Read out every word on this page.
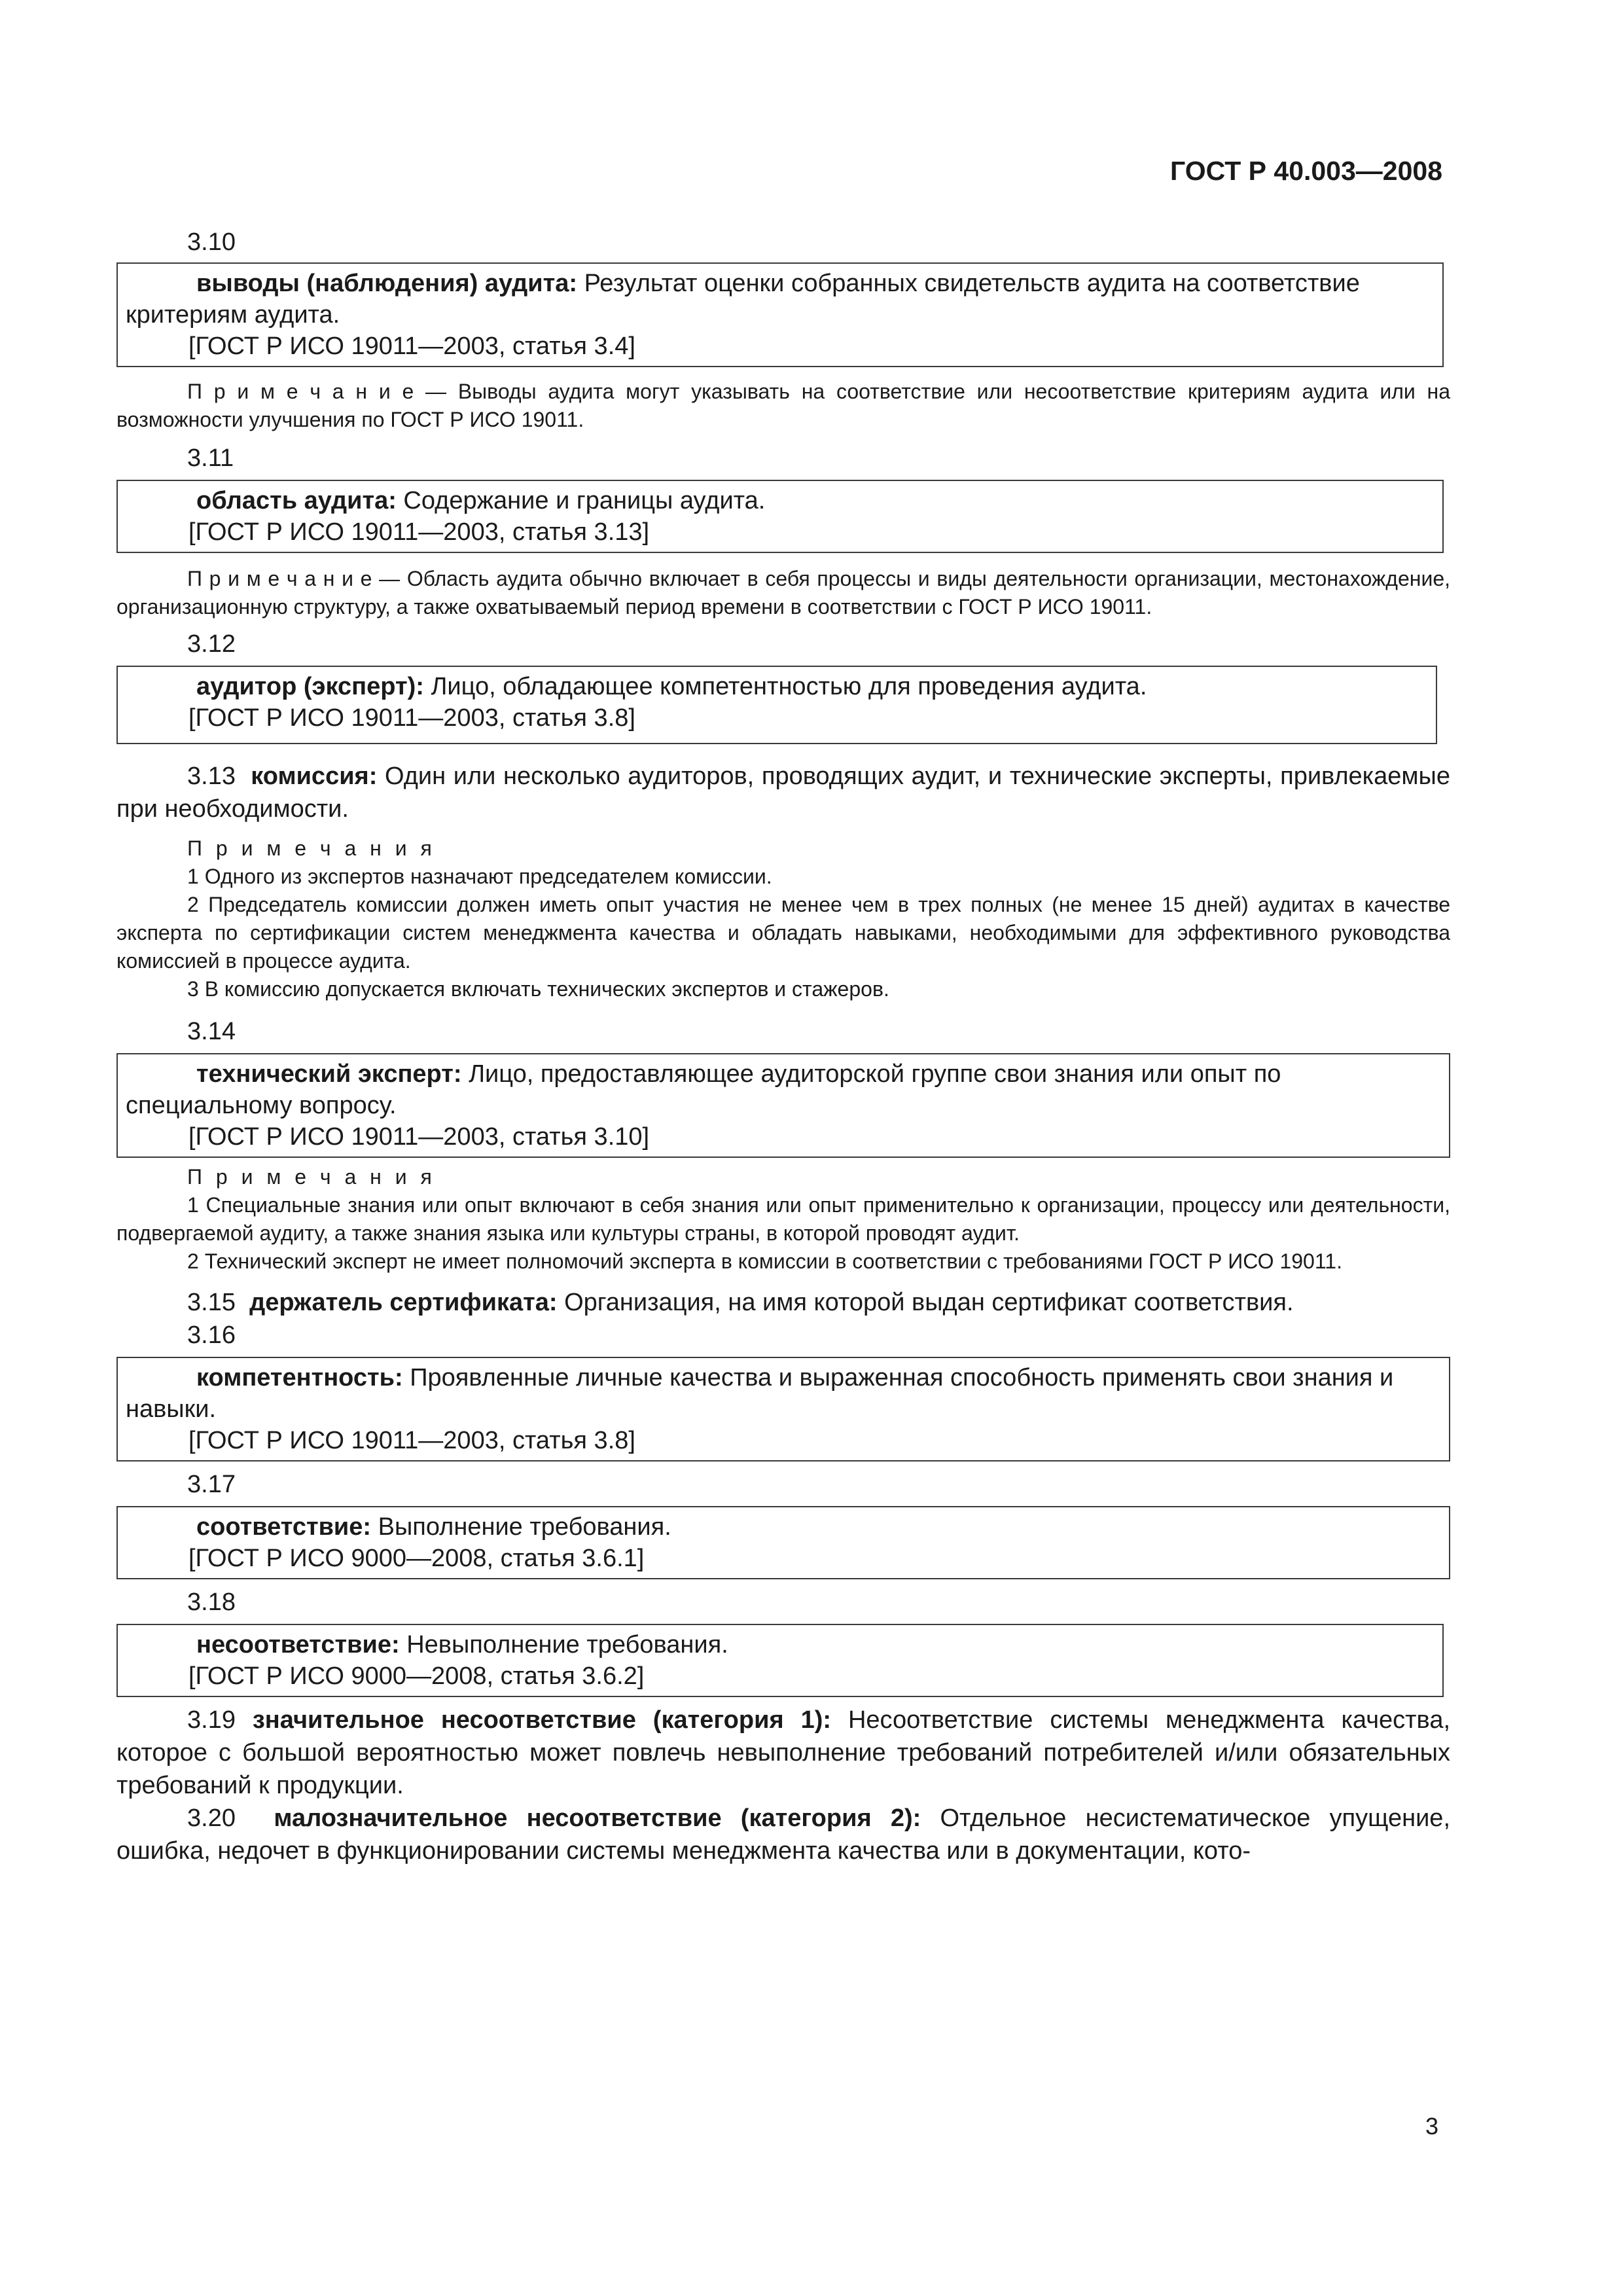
ГОСТ Р 40.003—2008
3.10
выводы (наблюдения) аудита: Результат оценки собранных свидетельств аудита на соответствие критериям аудита.
[ГОСТ Р ИСО 19011—2003, статья 3.4]
П р и м е ч а н и е — Выводы аудита могут указывать на соответствие или несоответствие критериям аудита или на возможности улучшения по ГОСТ Р ИСО 19011.
3.11
область аудита: Содержание и границы аудита.
[ГОСТ Р ИСО 19011—2003, статья 3.13]
П р и м е ч а н и е — Область аудита обычно включает в себя процессы и виды деятельности организации, местонахождение, организационную структуру, а также охватываемый период времени в соответствии с ГОСТ Р ИСО 19011.
3.12
аудитор (эксперт): Лицо, обладающее компетентностью для проведения аудита.
[ГОСТ Р ИСО 19011—2003, статья 3.8]
3.13 комиссия: Один или несколько аудиторов, проводящих аудит, и технические эксперты, привлекаемые при необходимости.
П р и м е ч а н и я
1 Одного из экспертов назначают председателем комиссии.
2 Председатель комиссии должен иметь опыт участия не менее чем в трех полных (не менее 15 дней) аудитах в качестве эксперта по сертификации систем менеджмента качества и обладать навыками, необходимыми для эффективного руководства комиссией в процессе аудита.
3 В комиссию допускается включать технических экспертов и стажеров.
3.14
технический эксперт: Лицо, предоставляющее аудиторской группе свои знания или опыт по специальному вопросу.
[ГОСТ Р ИСО 19011—2003, статья 3.10]
П р и м е ч а н и я
1 Специальные знания или опыт включают в себя знания или опыт применительно к организации, процессу или деятельности, подвергаемой аудиту, а также знания языка или культуры страны, в которой проводят аудит.
2 Технический эксперт не имеет полномочий эксперта в комиссии в соответствии с требованиями ГОСТ Р ИСО 19011.
3.15 держатель сертификата: Организация, на имя которой выдан сертификат соответствия.
3.16
компетентность: Проявленные личные качества и выраженная способность применять свои знания и навыки.
[ГОСТ Р ИСО 19011—2003, статья 3.8]
3.17
соответствие: Выполнение требования.
[ГОСТ Р ИСО 9000—2008, статья 3.6.1]
3.18
несоответствие: Невыполнение требования.
[ГОСТ Р ИСО 9000—2008, статья 3.6.2]
3.19 значительное несоответствие (категория 1): Несоответствие системы менеджмента качества, которое с большой вероятностью может повлечь невыполнение требований потребителей и/или обязательных требований к продукции.
3.20 малозначительное несоответствие (категория 2): Отдельное несистематическое упущение, ошибка, недочет в функционировании системы менеджмента качества или в документации, кото-
3
